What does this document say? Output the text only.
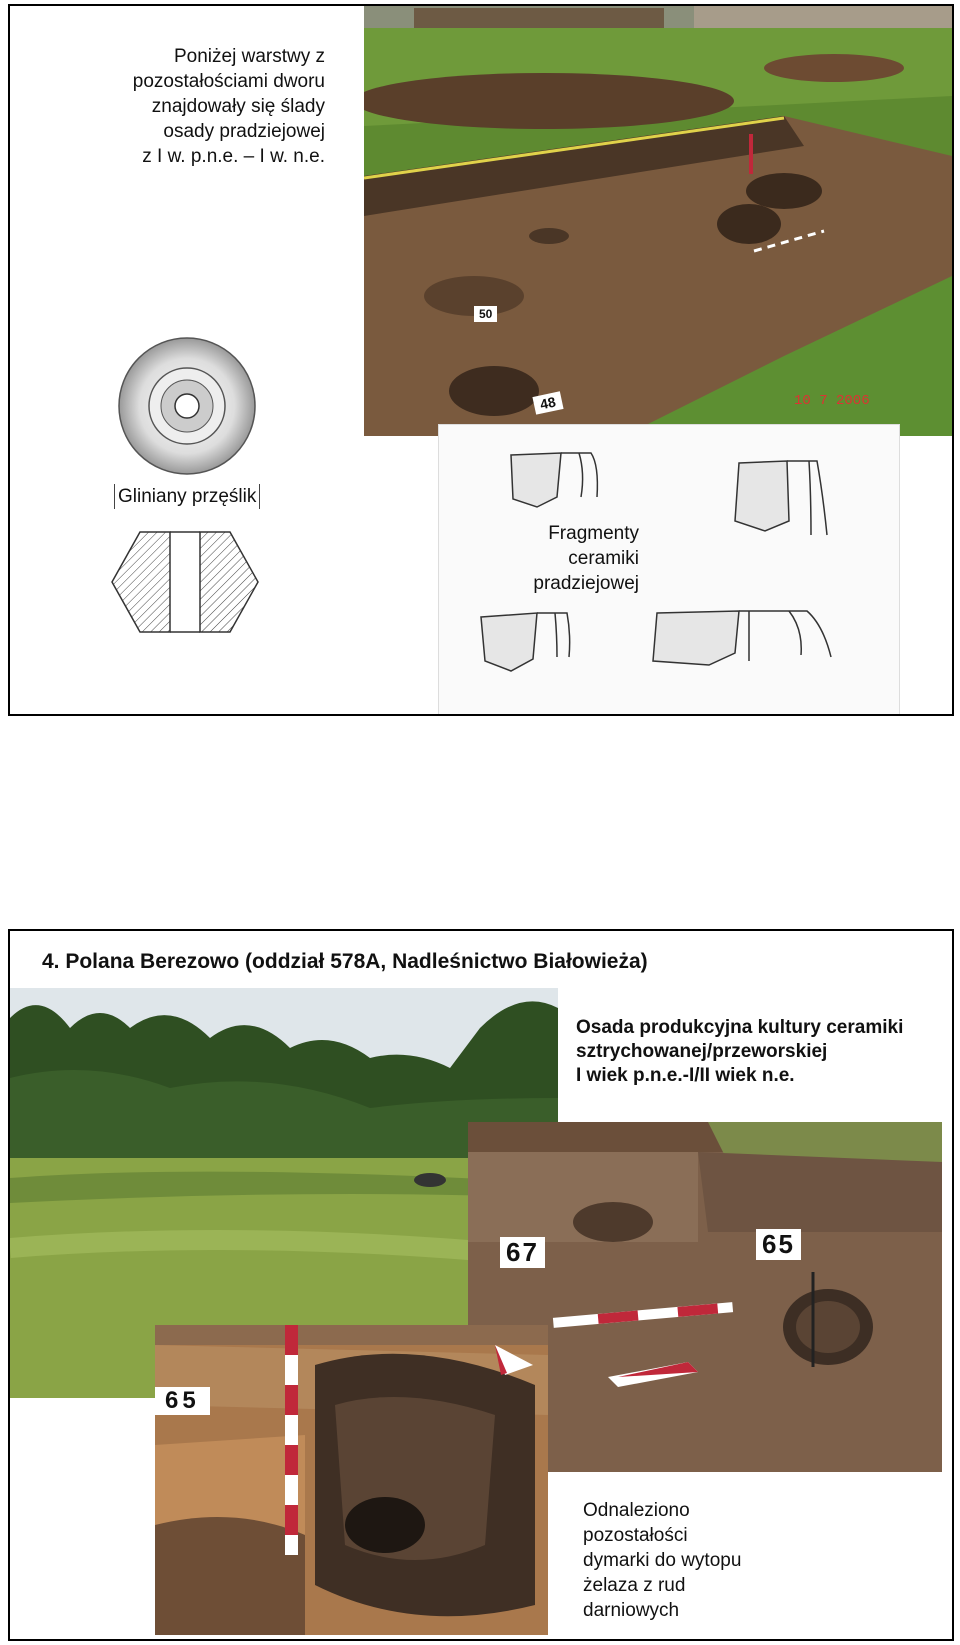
Poniżej warstwy z
pozostałościami dworu
znajdowały się ślady
osady pradziejowej
z I w. p.n.e. – I w. n.e.
10 7 2006
50
48
Gliniany przęślik
Fragmenty
ceramiki
pradziejowej
4. Polana Berezowo (oddział 578A, Nadleśnictwo Białowieża)
Osada produkcyjna kultury ceramiki
sztrychowanej/przeworskiej
I wiek p.n.e.-I/II wiek n.e.
67	65
65
Odnaleziono
pozostałości
dymarki do wytopu
żelaza z rud
darniowych
